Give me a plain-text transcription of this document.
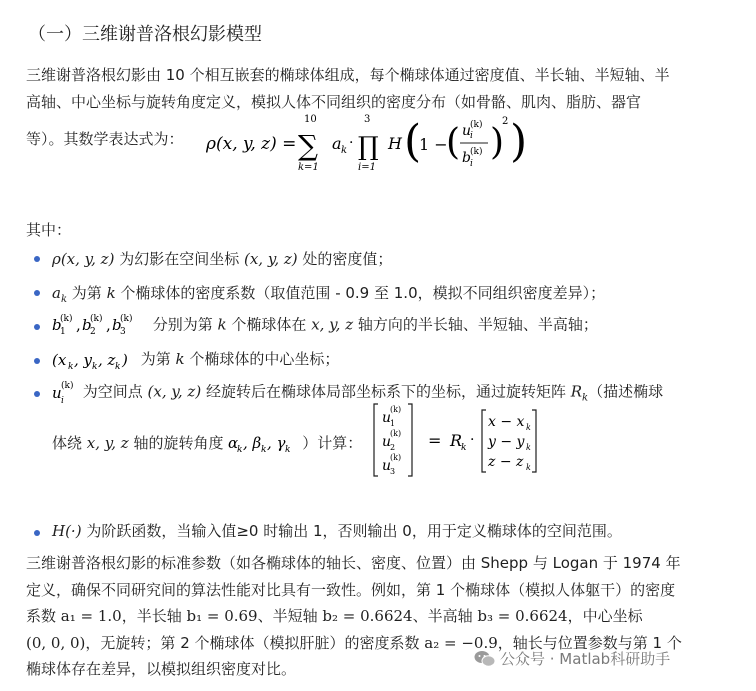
（一）三维谢普洛根幻影模型
三维谢普洛根幻影由 10 个相互嵌套的椭球体组成，每个椭球体通过密度值、半长轴、半短轴、半
高轴、中心坐标与旋转角度定义，模拟人体不同组织的密度分布（如骨骼、肌肉、脂肪、器官
等）。其数学表达式为： ρ(x, y, z) =
10
∑
k=1
a k ·
3
∏
i=1
H (
1 −
( u
i
(k)
b i
(k) )
2 )
其中：
ρ(x, y, z) 为幻影在空间坐标 (x, y, z) 处的密度值；
$a_k$ 为第 k 个椭球体的密度系数（取值范围 - 0.9 至 1.0，模拟不同组织密度差异）；
b
1
(k) , b
2
(k) , b
3
(k) 分别为第 k 个椭球体在 x, y, z 轴方向的半长轴、半短轴、半高轴；
(x k , y k , z k ) 为第 k 个椭球体的中心坐标；
u i
(k) 为空间点 (x, y, z) 经旋转后在椭球体局部坐标系下的坐标，通过旋转矩阵 $R_k$（描述椭球
体绕 x, y, z 轴的旋转角度 α
k , β k , γ k ）计算：
u
1
(k)
u
2
(k)
u
3
(k)
= R
k ·
x − x k
y − y k
z − z k
H(·) 为阶跃函数，当输入值≥0 时输出 1，否则输出 0，用于定义椭球体的空间范围。
三维谢普洛根幻影的标准参数（如各椭球体的轴长、密度、位置）由 Shepp 与 Logan 于 1974 年
定义，确保不同研究间的算法性能对比具有一致性。例如，第 1 个椭球体（模拟人体躯干）的密度
系数 a₁ = 1.0，半长轴 b₁ = 0.69、半短轴 b₂ = 0.6624、半高轴 b₃ = 0.6624，中心坐标
(0, 0, 0)，无旋转；第 2 个椭球体（模拟肝脏）的密度系数 a₂ = −0.9，轴长与位置参数与第 1 个
椭球体存在差异，以模拟组织密度对比。
公众号 · Matlab科研助手
